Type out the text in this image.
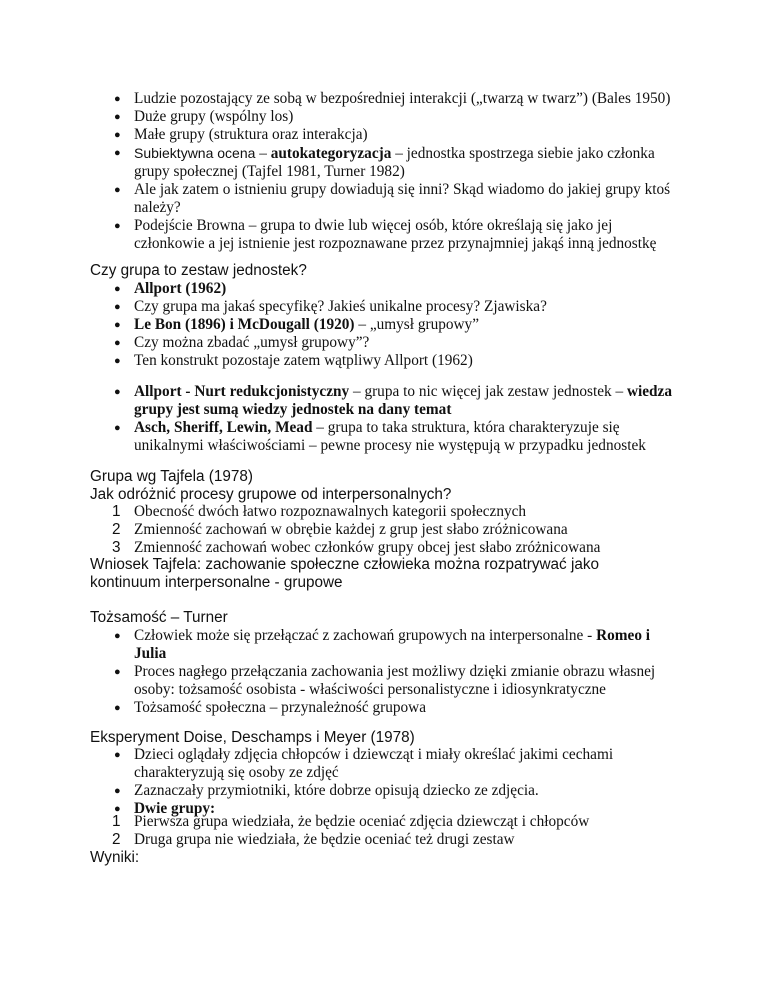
● Ludzie pozostający ze sobą w bezpośredniej interakcji („twarzą w twarz”) (Bales 1950)
● Duże grupy (wspólny los)
● Małe grupy (struktura oraz interakcja)
● Subiektywna ocena – autokategoryzacja – jednostka spostrzega siebie jako członka grupy społecznej (Tajfel 1981, Turner 1982)
● Ale jak zatem o istnieniu grupy dowiadują się inni? Skąd wiadomo do jakiej grupy ktoś należy?
● Podejście Browna – grupa to dwie lub więcej osób, które określają się jako jej członkowie a jej istnienie jest rozpoznawane przez przynajmniej jakąś inną jednostkę
Czy grupa to zestaw jednostek?
● Allport (1962)
● Czy grupa ma jakaś specyfikę? Jakieś unikalne procesy? Zjawiska?
● Le Bon (1896) i McDougall (1920) – „umysł grupowy”
● Czy można zbadać „umysł grupowy”?
● Ten konstrukt pozostaje zatem wątpliwy Allport (1962)
● Allport - Nurt redukcjonistyczny – grupa to nic więcej jak zestaw jednostek – wiedza grupy jest sumą wiedzy jednostek na dany temat
● Asch, Sheriff, Lewin, Mead – grupa to taka struktura, która charakteryzuje się unikalnymi właściwościami – pewne procesy nie występują w przypadku jednostek
Grupa wg Tajfela (1978)
Jak odróżnić procesy grupowe od interpersonalnych?
1 Obecność dwóch łatwo rozpoznawalnych kategorii społecznych
2 Zmienność zachowań w obrębie każdej z grup jest słabo zróżnicowana
3 Zmienność zachowań wobec członków grupy obcej jest słabo zróżnicowana
Wniosek Tajfela: zachowanie społeczne człowieka można rozpatrywać jako kontinuum interpersonalne - grupowe
Tożsamość – Turner
● Człowiek może się przełączać z zachowań grupowych na interpersonalne - Romeo i Julia
● Proces nagłego przełączania zachowania jest możliwy dzięki zmianie obrazu własnej osoby: tożsamość osobista - właściwości personalistyczne i idiosynkratyczne
● Tożsamość społeczna – przynależność grupowa
Eksperyment Doise, Deschamps i Meyer (1978)
● Dzieci oglądały zdjęcia chłopców i dziewcząt i miały określać jakimi cechami charakteryzują się osoby ze zdjęć
● Zaznaczały przymiotniki, które dobrze opisują dziecko ze zdjęcia.
● Dwie grupy:
1 Pierwsza grupa wiedziała, że będzie oceniać zdjęcia dziewcząt i chłopców
2 Druga grupa nie wiedziała, że będzie oceniać też drugi zestaw
Wyniki:
